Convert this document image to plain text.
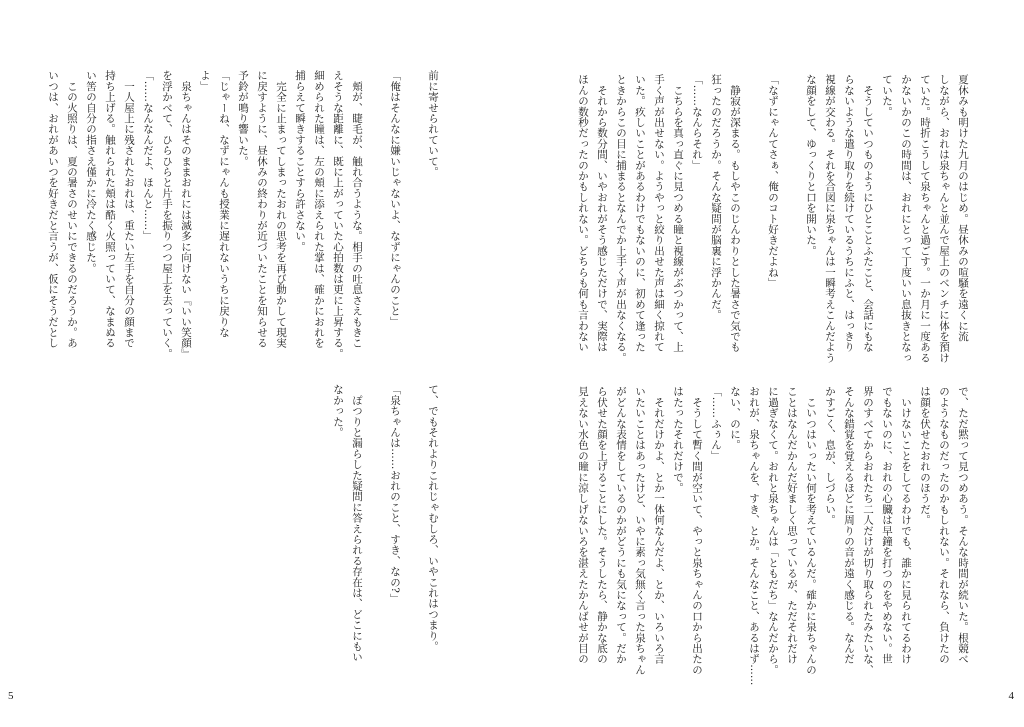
前に寄せられていて。
「俺はそんなに嫌いじゃないよ、なずにゃんのこと」
　頬が、睫毛が、触れ合うような。相手の吐息さえもきこ
えそうな距離に、既に上がっていた心拍数は更に上昇する。
細められた瞳は、左の頬に添えられた掌は、確かにおれを
捕らえて瞬きすることすら許さない。
　完全に止まってしまったおれの思考を再び動かして現実
に戻すように、昼休みの終わりが近づいたことを知らせる
予鈴が鳴り響いた。
「じゃーね、なずにゃんも授業に遅れないうちに戻りな
よ」
　泉ちゃんはそのままおれには滅多に向けない『いい笑顔』
を浮かべて、ひらひらと片手を振りつつ屋上を去っていく。
「……なんなんだよ、ほんと……」
　一人屋上に残されたおれは、重たい左手を自分の顔まで
持ち上げる。触れられた頬は酷く火照っていて、なまぬる
い筈の自分の指さえ僅かに冷たく感じた。
　この火照りは、夏の暑さのせいにできるのだろうか。あ
いつは、おれがあいつを好きだと言うが、仮にそうだとし
て、でもそれよりこれじゃむしろ、いやこれはつまり。
「泉ちゃんは……おれのこと、すき、なの?」
　ぽつりと漏らした疑問に答えられる存在は、どこにもい
なかった。
夏休みも明けた九月のはじめ。昼休みの喧騒を遠くに流
しながら、おれは泉ちゃんと並んで屋上のベンチに体を預け
ていた。時折こうして泉ちゃんと過ごす。一か月に一度ある
かないかのこの時間は、おれにとって丁度いい息抜きとなっ
ていた。
　そうしていつものようにひとことふたこと、会話にもな
らないような遣り取りを続けているうちにふと、はっきり
視線が交わる。それを合図に泉ちゃんは一瞬考えこんだよう
な顔をして、ゆっくりと口を開いた。
「なずにゃんてさぁ、俺のコト好きだよね」
　静寂が深まる。もしやこのじんわりとした暑さで気でも
狂ったのだろうか。そんな疑問が脳裏に浮かんだ。
「……なんらそれ」
　こちらを真っ直ぐに見つめる瞳と視線がぶつかって、上
手く声が出せない。ようやっと絞り出せた声は細く掠れて
いた。疚しいことがあるわけでもないのに、初めて逢った
ときからこの目に捕まるとなんでか上手く声が出なくなる。
　それから数分間、いやおれがそう感じただけで、実際は
ほんの数秒だったのかもしれない。どちらも何も言わない
で、ただ黙って見つめあう。そんな時間が続いた。根競べ
のようなものだったのかもしれない。それなら、負けたの
は顔を伏せたおれのほうだ。
　いけないことをしてるわけでも、誰かに見られてるわけ
でもないのに、おれの心臓は早鐘を打つのをやめない。世
界のすべてからおれたち二人だけが切り取られたみたいな、
そんな錯覚を覚えるほどに周りの音が遠く感じる。なんだ
かすごく、息が、しづらい。
　こいつはいったい何を考えているんだ。確かに泉ちゃんの
ことはなんだかんだ好ましく思っているが、ただそれだけ
に過ぎなくて。おれと泉ちゃんは「ともだち」なんだから。
おれが、泉ちゃんを、すき、とか。そんなこと、あるはず……
ない、のに。
「……ふぅん」
　そうして暫く間が空いて、やっと泉ちゃんの口から出たの
はたったそれだけで。
　それだけかよ、とか一体何なんだよ、とか、いろいろ言
いたいことはあったけど、いやに素っ気無く言った泉ちゃん
がどんな表情をしているのかがどうにも気になって。だか
ら伏せた顔を上げることにした。そうしたら、静かな底の
見えない水色の瞳に涼しげないろを湛えたかんばせが目の
5	4
